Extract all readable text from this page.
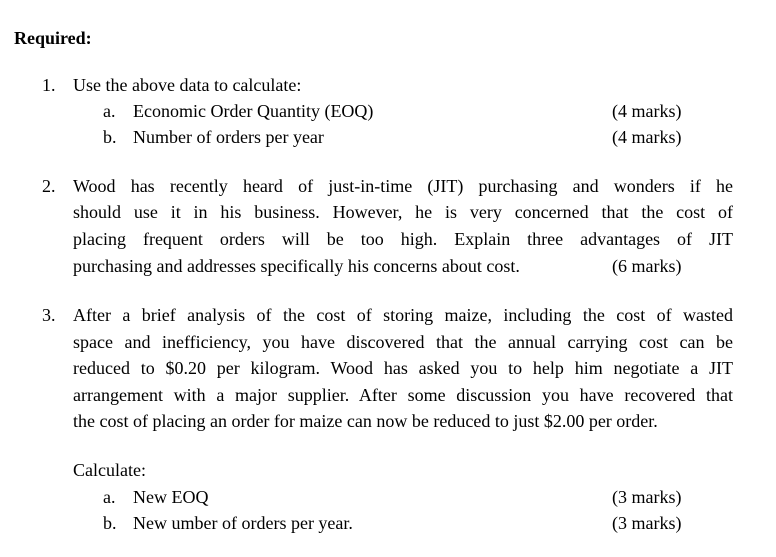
Required:
1. Use the above data to calculate:
a. Economic Order Quantity (EOQ)	(4 marks)
b. Number of orders per year	(4 marks)
2. Wood has recently heard of just-in-time (JIT) purchasing and wonders if he
should use it in his business. However, he is very concerned that the cost of
placing frequent orders will be too high. Explain three advantages of JIT
purchasing and addresses specifically his concerns about cost.	(6 marks)
3. After a brief analysis of the cost of storing maize, including the cost of wasted
space and inefficiency, you have discovered that the annual carrying cost can be
reduced to $0.20 per kilogram. Wood has asked you to help him negotiate a JIT
arrangement with a major supplier. After some discussion you have recovered that
the cost of placing an order for maize can now be reduced to just $2.00 per order.
Calculate:
a. New EOQ	(3 marks)
b. New umber of orders per year.	(3 marks)
